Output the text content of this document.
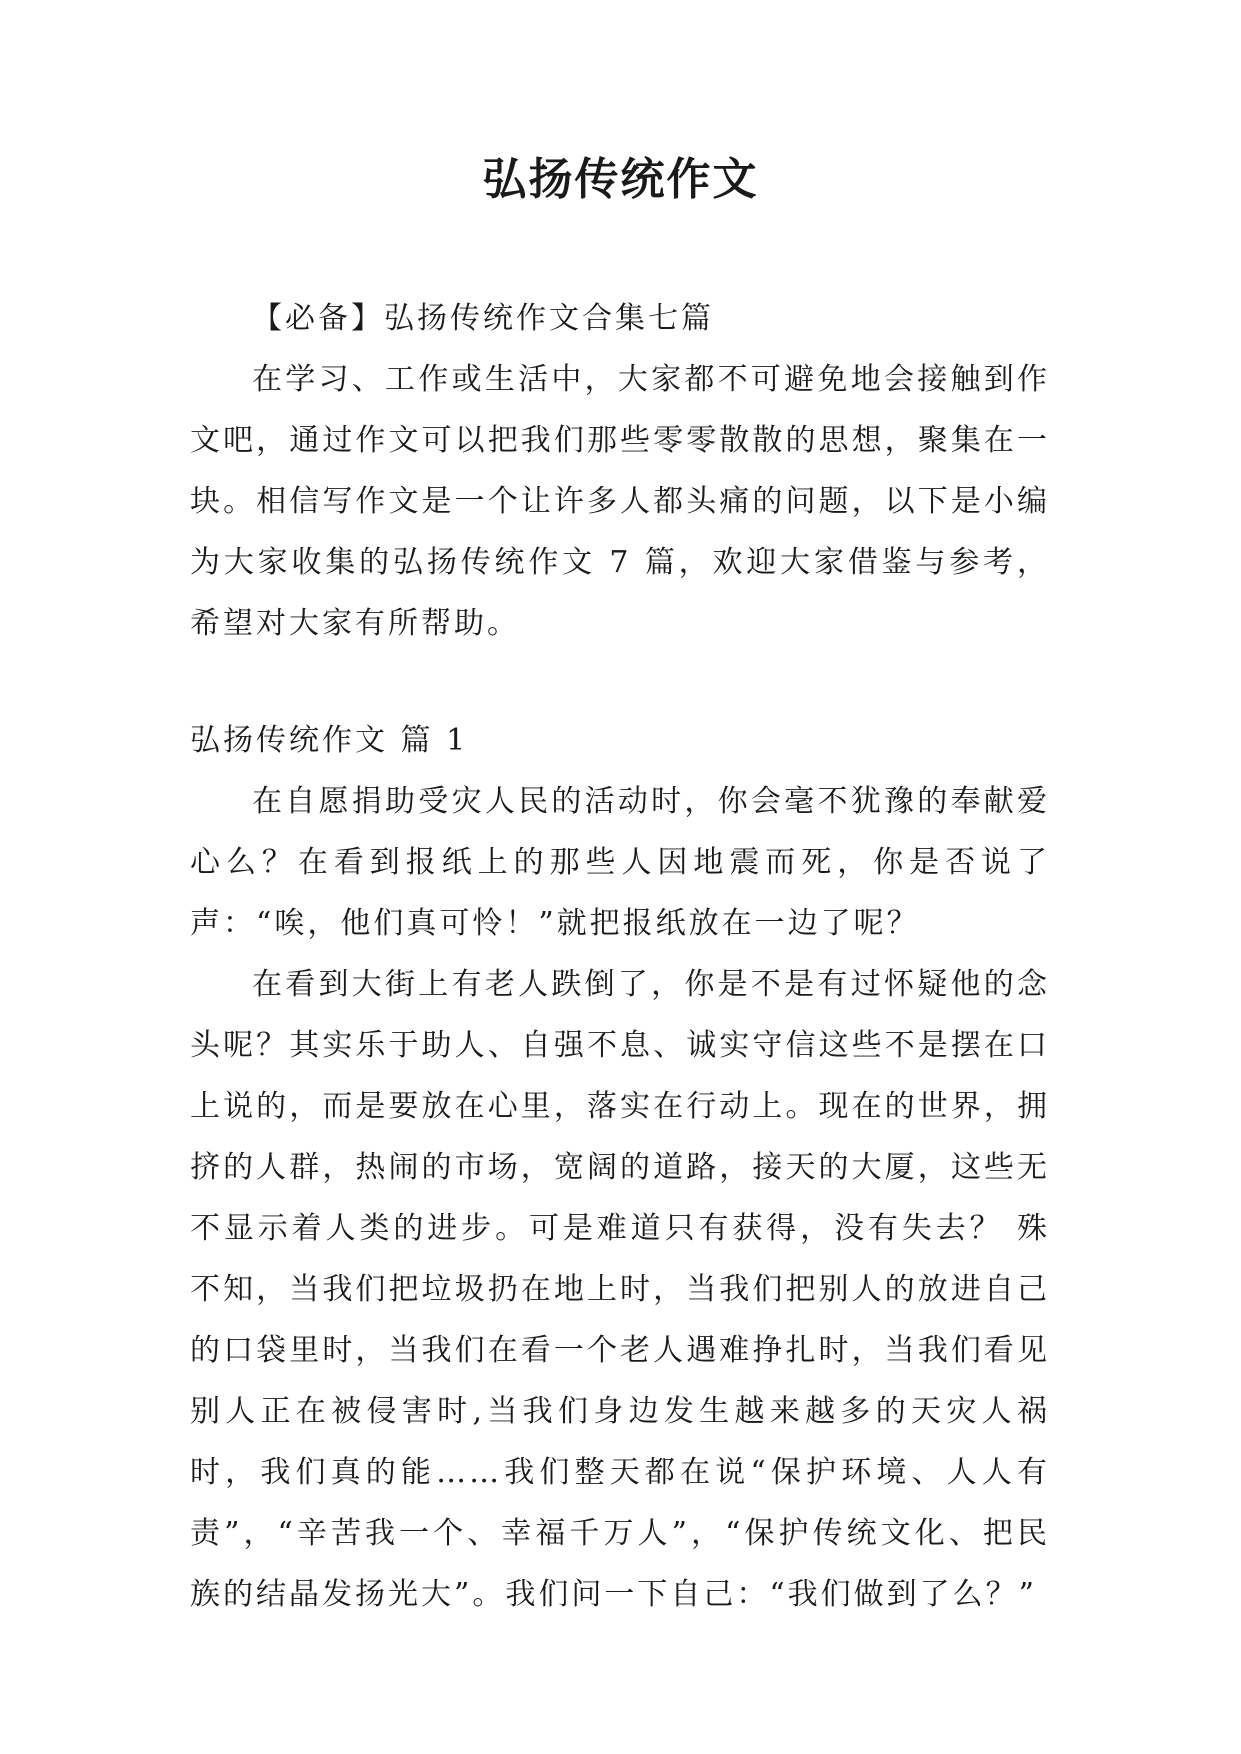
弘扬传统作文

【必备】弘扬传统作文合集七篇

在学习、工作或生活中，大家都不可避免地会接触到作文吧，通过作文可以把我们那些零零散散的思想，聚集在一块。相信写作文是一个让许多人都头痛的问题，以下是小编为大家收集的弘扬传统作文 7 篇，欢迎大家借鉴与参考，希望对大家有所帮助。

弘扬传统作文 篇 1

在自愿捐助受灾人民的活动时，你会毫不犹豫的奉献爱心么？在看到报纸上的那些人因地震而死，你是否说了声：“唉，他们真可怜！”就把报纸放在一边了呢？

在看到大街上有老人跌倒了，你是不是有过怀疑他的念头呢？其实乐于助人、自强不息、诚实守信这些不是摆在口上说的，而是要放在心里，落实在行动上。现在的世界，拥挤的人群，热闹的市场，宽阔的道路，接天的大厦，这些无不显示着人类的进步。可是难道只有获得，没有失去？ 殊不知，当我们把垃圾扔在地上时，当我们把别人的放进自己的口袋里时，当我们在看一个老人遇难挣扎时，当我们看见别人正在被侵害时,当我们身边发生越来越多的天灾人祸时，我们真的能……我们整天都在说“保护环境、人人有责”，“辛苦我一个、幸福千万人”，“保护传统文化、把民族的结晶发扬光大”。我们问一下自己：“我们做到了么？”
